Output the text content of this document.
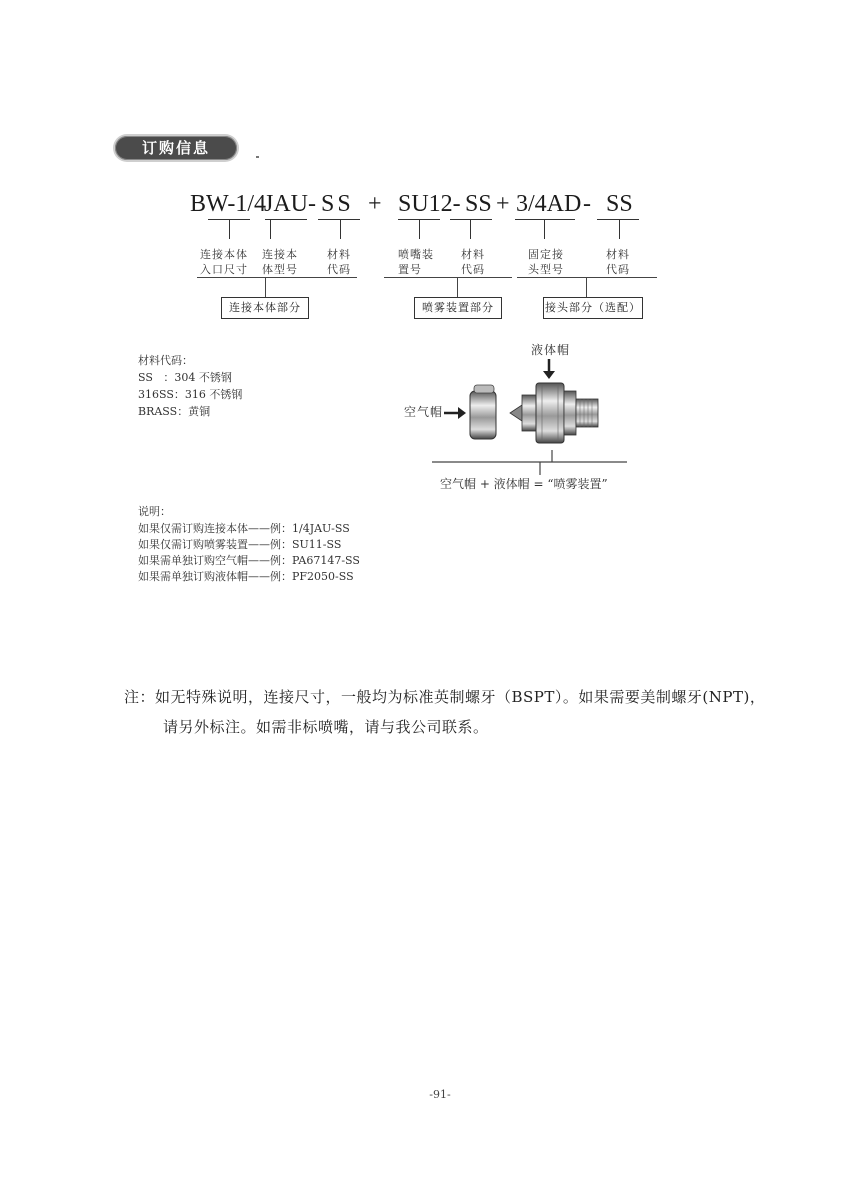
订购信息
BW-1/4
JAU- SS + SU12- SS + 3/4AD - SS
连接本体
入口尺寸
连接本
体型号
材料
代码
喷嘴装
置号
材料
代码
固定接
头型号
材料
代码
连接本体部分	喷雾装置部分	接头部分（选配）
材料代码：
SS   ：304 不锈钢
316SS：316 不锈钢
BRASS：黄铜
液体帽
空气帽
空气帽 + 液体帽 = “喷雾装置”
说明：
如果仅需订购连接本体——例：1/4JAU-SS
如果仅需订购喷雾装置——例：SU11-SS
如果需单独订购空气帽——例：PA67147-SS
如果需单独订购液体帽——例：PF2050-SS
注：如无特殊说明，连接尺寸，一般均为标准英制螺牙（BSPT）。如果需要美制螺牙(NPT)，
请另外标注。如需非标喷嘴，请与我公司联系。
-91-
